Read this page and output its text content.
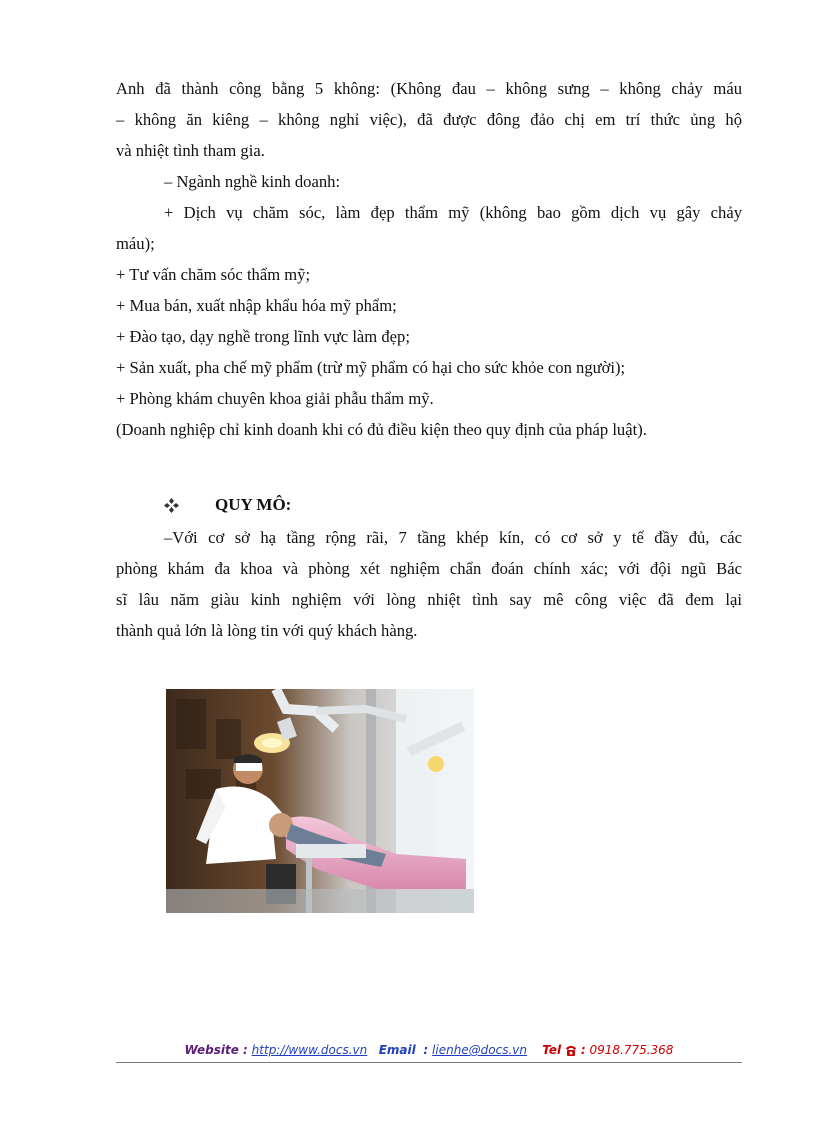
Anh đã thành công bằng 5 không: (Không đau – không sưng – không chảy máu

– không ăn kiêng – không nghỉ việc), đã được đông đảo chị em trí thức ủng hộ

và nhiệt tình tham gia.

– Ngành nghề kinh doanh:

+ Dịch vụ chăm sóc, làm đẹp thẩm mỹ (không bao gồm dịch vụ gây chảy

máu);

+ Tư vấn chăm sóc thẩm mỹ;

+ Mua bán, xuất nhập khẩu hóa mỹ phẩm;

+ Đào tạo, dạy nghề trong lĩnh vực làm đẹp;

+ Sản xuất, pha chế mỹ phẩm (trừ mỹ phẩm có hại cho sức khỏe con người);

+ Phòng khám chuyên khoa giải phẫu thẩm mỹ.

(Doanh nghiệp chỉ kinh doanh khi có đủ điều kiện theo quy định của pháp luật).

QUY MÔ:

–Với cơ sở hạ tầng rộng rãi, 7 tầng khép kín, có cơ sở y tế đầy đủ, các

phòng khám đa khoa và phòng xét nghiệm chẩn đoán chính xác; với đội ngũ Bác

sĩ lâu năm giàu kinh nghiệm với lòng nhiệt tình say mê công việc đã đem lại

thành quả lớn là lòng tin với quý khách hàng.

Website : http://www.docs.vn Email : lienhe@docs.vn Tel : 0918.775.368
